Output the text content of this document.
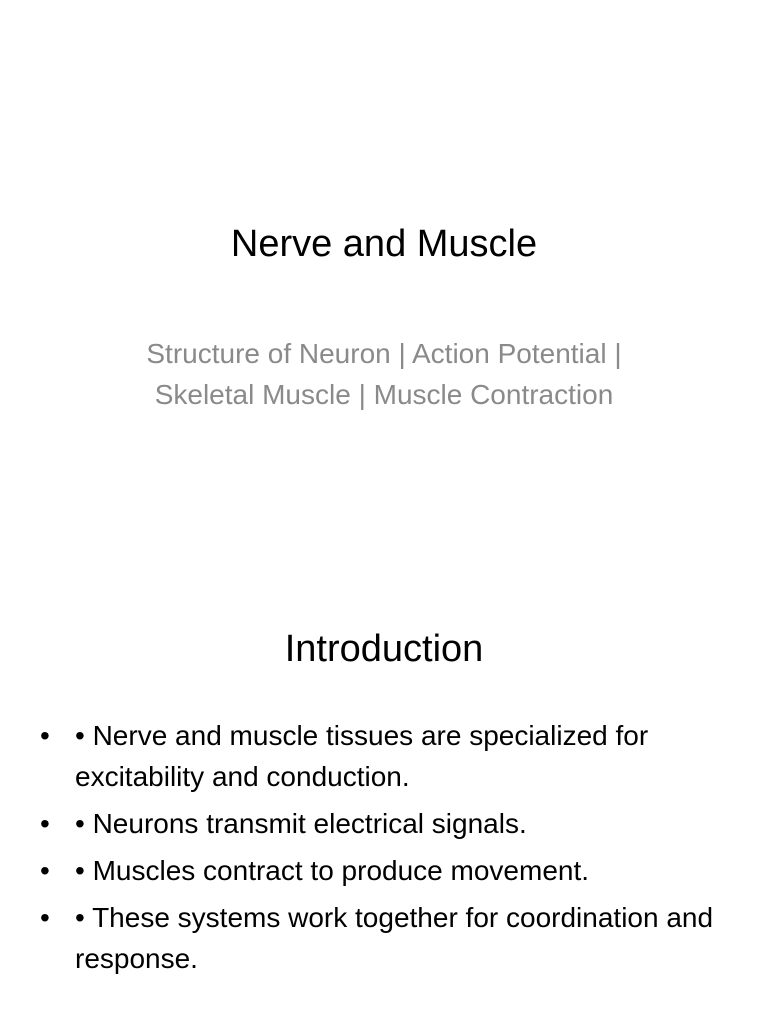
Nerve and Muscle

Structure of Neuron | Action Potential | Skeletal Muscle | Muscle Contraction

Introduction
• • Nerve and muscle tissues are specialized for excitability and conduction.
• • Neurons transmit electrical signals.
• • Muscles contract to produce movement.
• • These systems work together for coordination and response.
